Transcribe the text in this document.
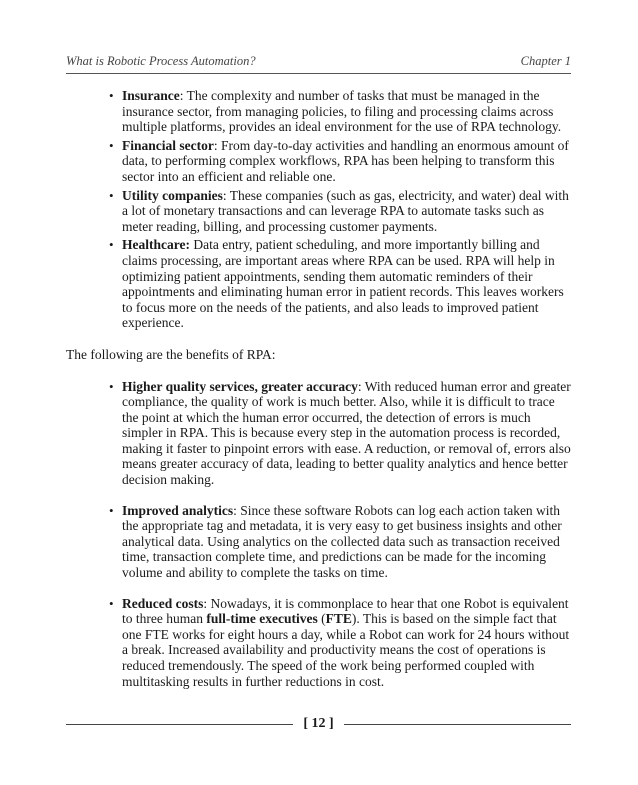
What is Robotic Process Automation?	Chapter 1
• Insurance: The complexity and number of tasks that must be managed in the insurance sector, from managing policies, to filing and processing claims across multiple platforms, provides an ideal environment for the use of RPA technology.
• Financial sector: From day-to-day activities and handling an enormous amount of data, to performing complex workflows, RPA has been helping to transform this sector into an efficient and reliable one.
• Utility companies: These companies (such as gas, electricity, and water) deal with a lot of monetary transactions and can leverage RPA to automate tasks such as meter reading, billing, and processing customer payments.
• Healthcare: Data entry, patient scheduling, and more importantly billing and claims processing, are important areas where RPA can be used. RPA will help in optimizing patient appointments, sending them automatic reminders of their appointments and eliminating human error in patient records. This leaves workers to focus more on the needs of the patients, and also leads to improved patient experience.

The following are the benefits of RPA:

• Higher quality services, greater accuracy: With reduced human error and greater compliance, the quality of work is much better. Also, while it is difficult to trace the point at which the human error occurred, the detection of errors is much simpler in RPA. This is because every step in the automation process is recorded, making it faster to pinpoint errors with ease. A reduction, or removal of, errors also means greater accuracy of data, leading to better quality analytics and hence better decision making.
• Improved analytics: Since these software Robots can log each action taken with the appropriate tag and metadata, it is very easy to get business insights and other analytical data. Using analytics on the collected data such as transaction received time, transaction complete time, and predictions can be made for the incoming volume and ability to complete the tasks on time.
• Reduced costs: Nowadays, it is commonplace to hear that one Robot is equivalent to three human full-time executives (FTE). This is based on the simple fact that one FTE works for eight hours a day, while a Robot can work for 24 hours without a break. Increased availability and productivity means the cost of operations is reduced tremendously. The speed of the work being performed coupled with multitasking results in further reductions in cost.
[ 12 ]
